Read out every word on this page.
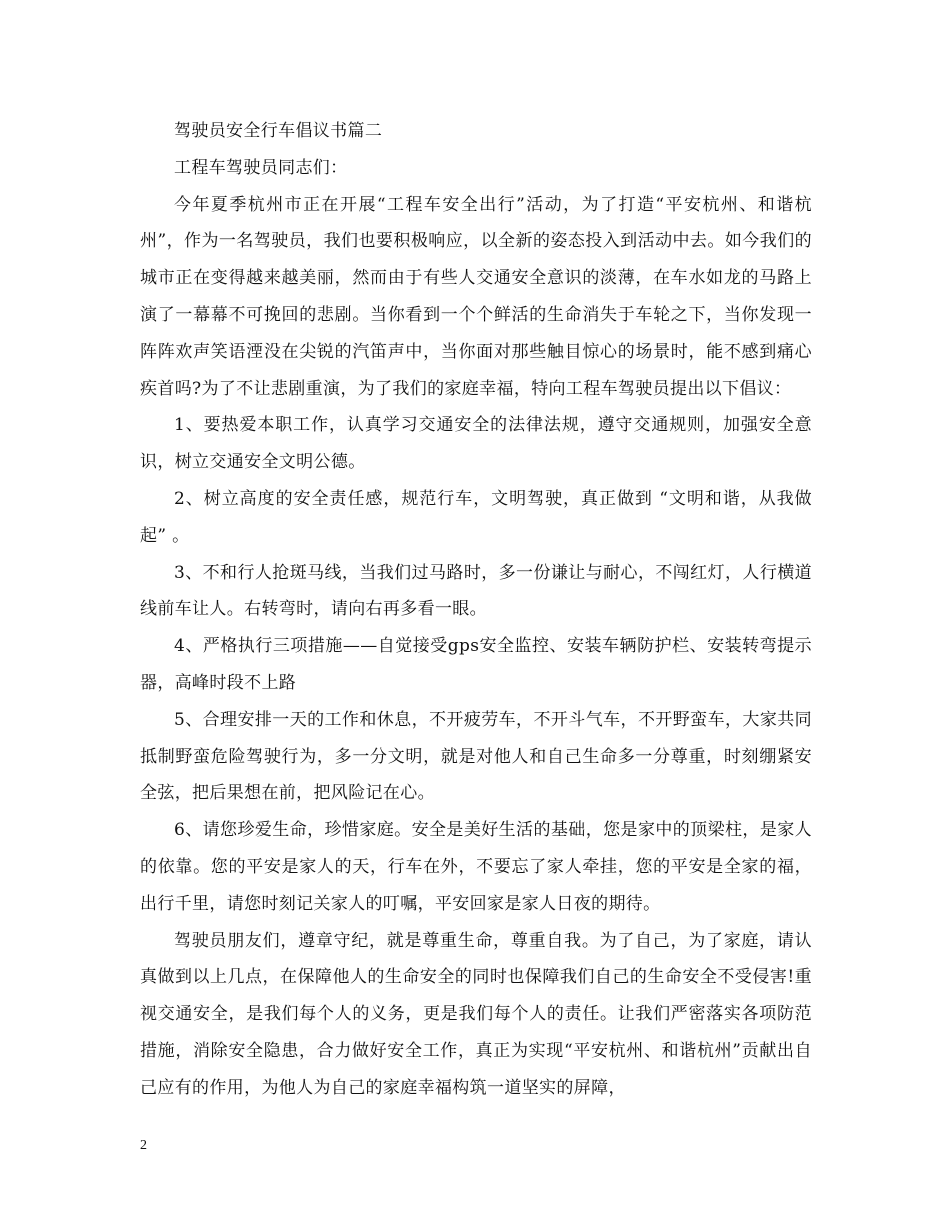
驾驶员安全行车倡议书篇二

工程车驾驶员同志们：

今年夏季杭州市正在开展“工程车安全出行”活动，为了打造“平安杭州、和谐杭州”，作为一名驾驶员，我们也要积极响应，以全新的姿态投入到活动中去。如今我们的城市正在变得越来越美丽，然而由于有些人交通安全意识的淡薄，在车水如龙的马路上演了一幕幕不可挽回的悲剧。当你看到一个个鲜活的生命消失于车轮之下，当你发现一阵阵欢声笑语湮没在尖锐的汽笛声中，当你面对那些触目惊心的场景时，能不感到痛心疾首吗?为了不让悲剧重演，为了我们的家庭幸福，特向工程车驾驶员提出以下倡议：

1、要热爱本职工作，认真学习交通安全的法律法规，遵守交通规则，加强安全意识，树立交通安全文明公德。

2、树立高度的安全责任感，规范行车，文明驾驶，真正做到 “文明和谐，从我做起” 。

3、不和行人抢斑马线，当我们过马路时，多一份谦让与耐心，不闯红灯，人行横道线前车让人。右转弯时，请向右再多看一眼。

4、严格执行三项措施——自觉接受gps安全监控、安装车辆防护栏、安装转弯提示器，高峰时段不上路

5、合理安排一天的工作和休息，不开疲劳车，不开斗气车，不开野蛮车，大家共同抵制野蛮危险驾驶行为，多一分文明，就是对他人和自己生命多一分尊重，时刻绷紧安全弦，把后果想在前，把风险记在心。

6、请您珍爱生命，珍惜家庭。安全是美好生活的基础，您是家中的顶梁柱，是家人的依靠。您的平安是家人的天，行车在外，不要忘了家人牵挂，您的平安是全家的福，出行千里，请您时刻记关家人的叮嘱，平安回家是家人日夜的期待。

驾驶员朋友们，遵章守纪，就是尊重生命，尊重自我。为了自己，为了家庭，请认真做到以上几点，在保障他人的生命安全的同时也保障我们自己的生命安全不受侵害!重视交通安全，是我们每个人的义务，更是我们每个人的责任。让我们严密落实各项防范措施，消除安全隐患，合力做好安全工作，真正为实现“平安杭州、和谐杭州”贡献出自己应有的作用，为他人为自己的家庭幸福构筑一道坚实的屏障，

2
